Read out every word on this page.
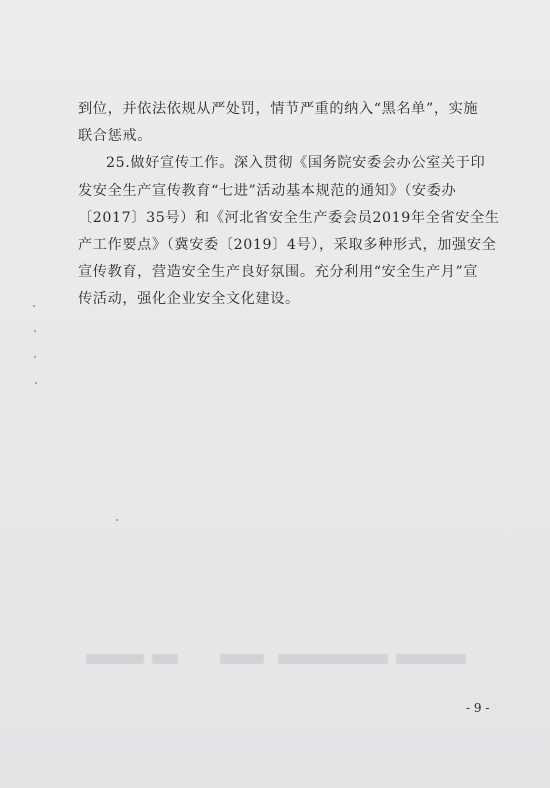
到位，并依法依规从严处罚，情节严重的纳入“黑名单”，实施
联合惩戒。
25.做好宣传工作。深入贯彻《国务院安委会办公室关于印
发安全生产宣传教育“七进”活动基本规范的通知》（安委办
〔2017〕35号）和《河北省安全生产委会员2019年全省安全生
产工作要点》（冀安委〔2019〕4号），采取多种形式，加强安全
宣传教育，营造安全生产良好氛围。充分利用“安全生产月”宣
传活动，强化企业安全文化建设。
- 9 -
